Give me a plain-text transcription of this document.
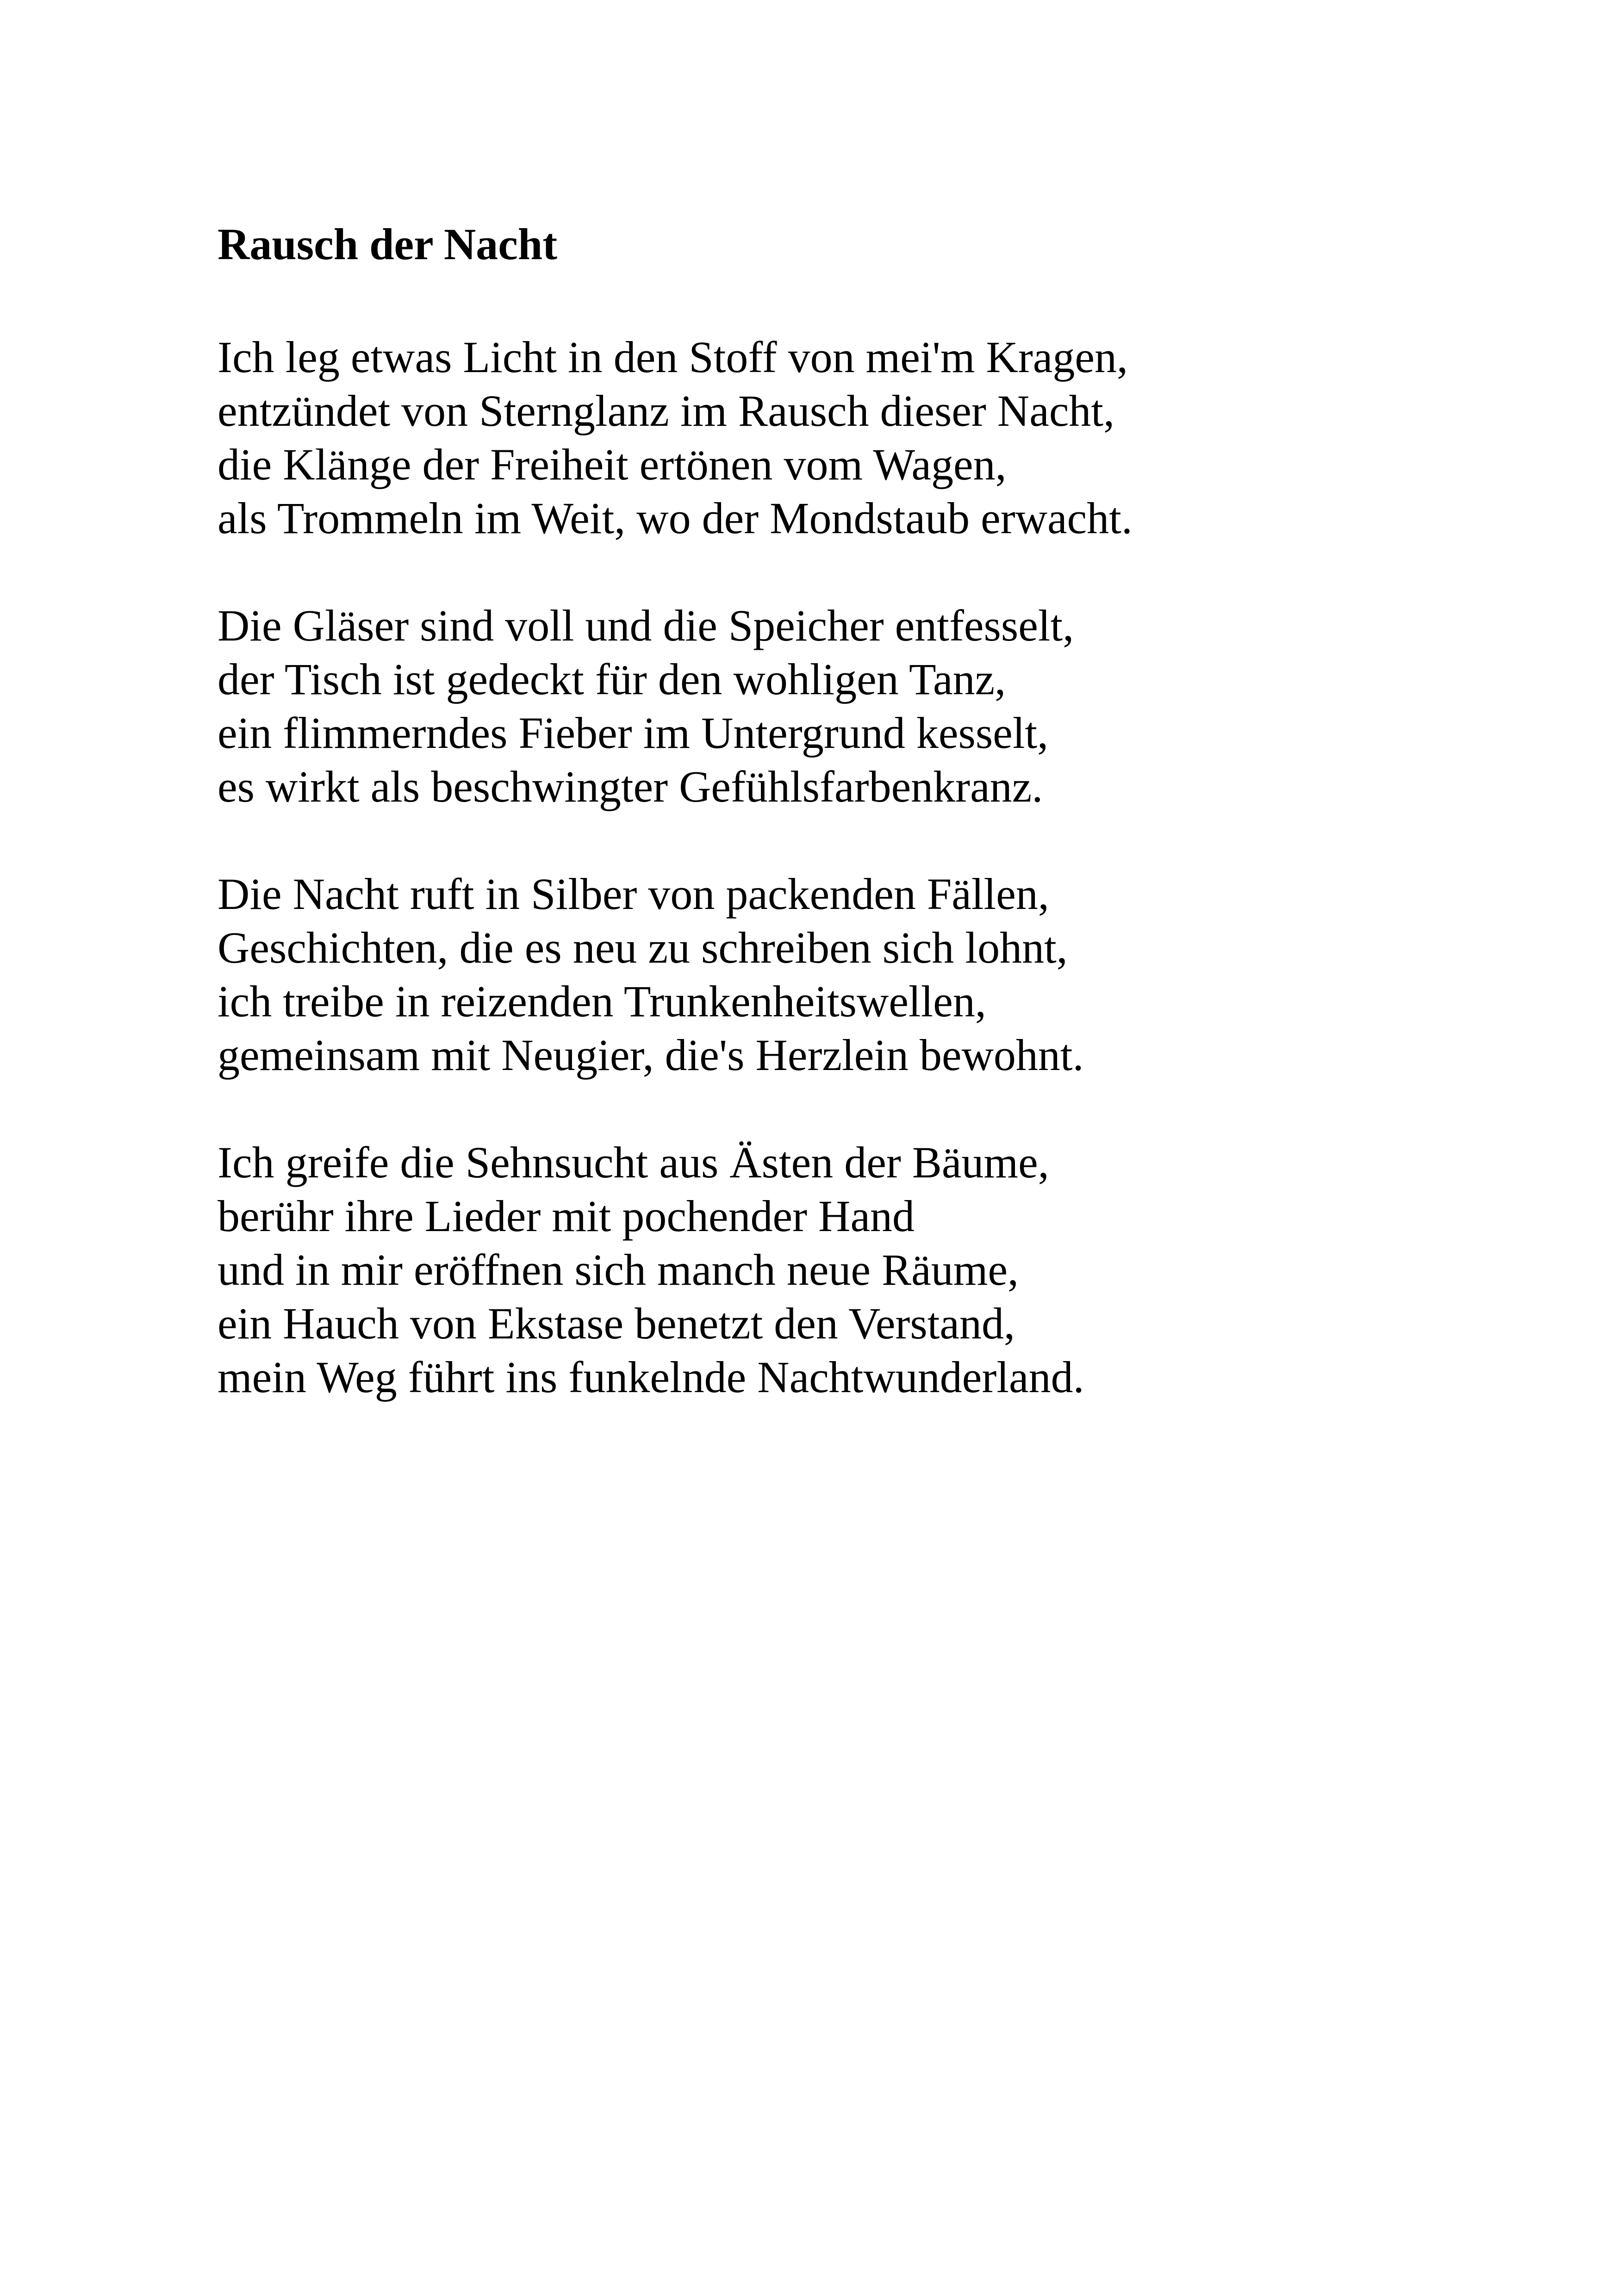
Rausch der Nacht
Ich leg etwas Licht in den Stoff von mei'm Kragen,
entzündet von Sternglanz im Rausch dieser Nacht,
die Klänge der Freiheit ertönen vom Wagen,
als Trommeln im Weit, wo der Mondstaub erwacht.
Die Gläser sind voll und die Speicher entfesselt,
der Tisch ist gedeckt für den wohligen Tanz,
ein flimmerndes Fieber im Untergrund kesselt,
es wirkt als beschwingter Gefühlsfarbenkranz.
Die Nacht ruft in Silber von packenden Fällen,
Geschichten, die es neu zu schreiben sich lohnt,
ich treibe in reizenden Trunkenheitswellen,
gemeinsam mit Neugier, die's Herzlein bewohnt.
Ich greife die Sehnsucht aus Ästen der Bäume,
berühr ihre Lieder mit pochender Hand
und in mir eröffnen sich manch neue Räume,
ein Hauch von Ekstase benetzt den Verstand,
mein Weg führt ins funkelnde Nachtwunderland.
